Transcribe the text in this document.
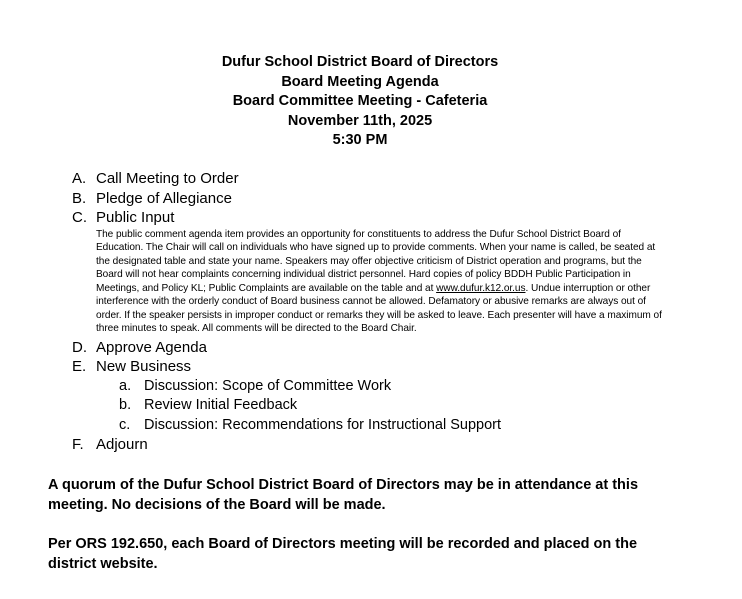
Dufur School District Board of Directors
Board Meeting Agenda
Board Committee Meeting - Cafeteria
November 11th, 2025
5:30 PM
A. Call Meeting to Order
B. Pledge of Allegiance
C. Public Input
The public comment agenda item provides an opportunity for constituents to address the Dufur School District Board of Education. The Chair will call on individuals who have signed up to provide comments. When your name is called, be seated at the designated table and state your name. Speakers may offer objective criticism of District operation and programs, but the Board will not hear complaints concerning individual district personnel. Hard copies of policy BDDH Public Participation in Meetings, and Policy KL; Public Complaints are available on the table and at www.dufur.k12.or.us. Undue interruption or other interference with the orderly conduct of Board business cannot be allowed. Defamatory or abusive remarks are always out of order. If the speaker persists in improper conduct or remarks they will be asked to leave. Each presenter will have a maximum of three minutes to speak. All comments will be directed to the Board Chair.
D. Approve Agenda
E. New Business
a. Discussion: Scope of Committee Work
b. Review Initial Feedback
c. Discussion: Recommendations for Instructional Support
F. Adjourn
A quorum of the Dufur School District Board of Directors may be in attendance at this
meeting. No decisions of the Board will be made.
Per ORS 192.650, each Board of Directors meeting will be recorded and placed on the
district website.
